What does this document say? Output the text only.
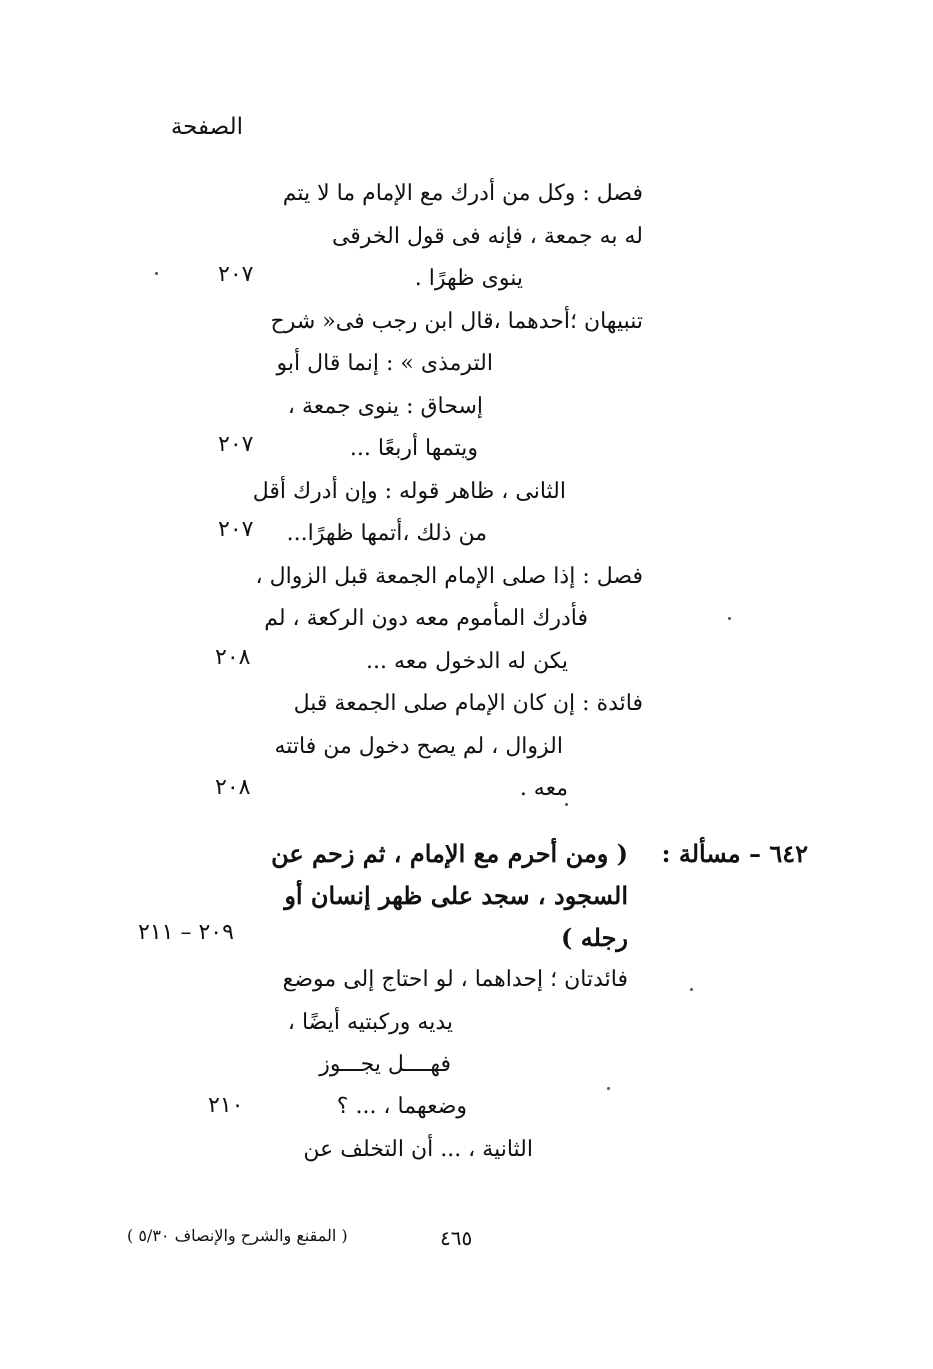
الصفحة
فصل : وكل من أدرك مع الإمام ما لا يتم
له به جمعة ، فإنه فى قول الخرقى
ينوى ظهرًا .
٢٠٧
تنبيهان ؛أحدهما ،قال ابن رجب فى« شرح
الترمذى » : إنما قال أبو
إسحاق : ينوى جمعة ،
ويتمها أربعًا ...
٢٠٧
الثانى ، ظاهر قوله : وإن أدرك أقل
من ذلك ،أتمها ظهرًا...
٢٠٧
فصل : إذا صلى الإمام الجمعة قبل الزوال ،
فأدرك المأموم معه دون الركعة ، لم
يكن له الدخول معه ...
٢٠٨
فائدة : إن كان الإمام صلى الجمعة قبل
الزوال ، لم يصح دخول من فاتته
معه .
٢٠٨
٦٤٢ – مسألة :
( ومن أحرم مع الإمام ، ثم زحم عن
السجود ، سجد على ظهر إنسان أو
رجله )
٢٠٩ – ٢١١
فائدتان ؛ إحداهما ، لو احتاج إلى موضع
يديه وركبتيه أيضًا ،
فهــــل يجـــوز
وضعهما ، ... ؟
٢١٠
الثانية ، ... أن التخلف عن
٤٦٥
( المقنع والشرح والإنصاف ٥/٣٠ )
